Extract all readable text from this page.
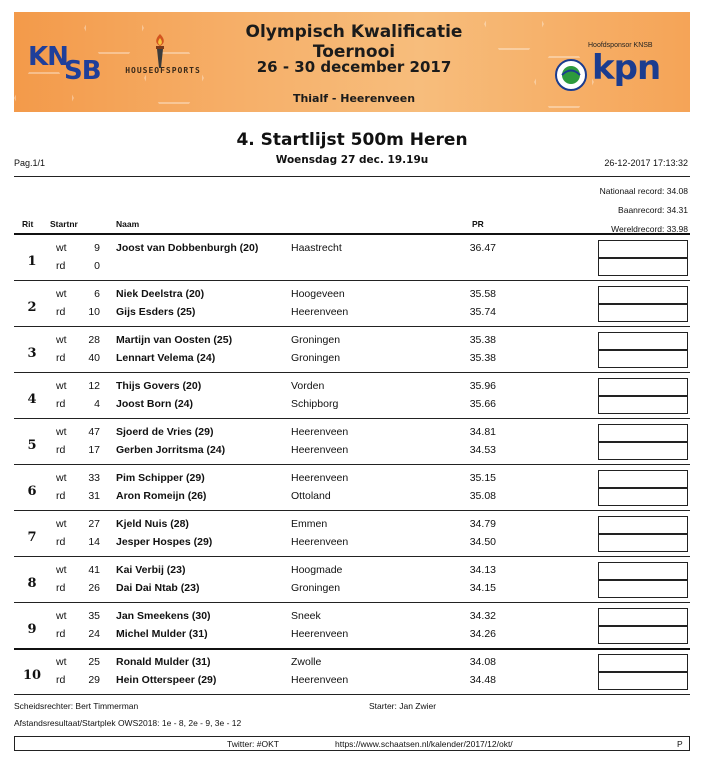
KN
SB	HOUSEOFSPORTS
Olympisch Kwalificatie Toernooi
26 - 30 december 2017
Thialf - Heerenveen
Hoofdsponsor KNSB
kpn
4. Startlijst 500m Heren
Woensdag 27 dec. 19.19u
Pag.1/1	26-12-2017 17:13:32
Nationaal record: 34.08
Baanrecord: 34.31
Wereldrecord: 33.98
Rit Startnr	Naam	PR
1
wt	9 Joost van Dobbenburgh (20)	Haastrecht	36.47
rd	0
2
wt	6 Niek Deelstra (20)	Hoogeveen	35.58
rd	10 Gijs Esders (25)	Heerenveen	35.74
3
wt	28 Martijn van Oosten (25)	Groningen	35.38
rd	40 Lennart Velema (24)	Groningen	35.38
4
wt	12 Thijs Govers (20)	Vorden	35.96
rd	4 Joost Born (24)	Schipborg	35.66
5
wt	47 Sjoerd de Vries (29)	Heerenveen	34.81
rd	17 Gerben Jorritsma (24)	Heerenveen	34.53
6
wt	33 Pim Schipper (29)	Heerenveen	35.15
rd	31 Aron Romeijn (26)	Ottoland	35.08
7
wt	27 Kjeld Nuis (28)	Emmen	34.79
rd	14 Jesper Hospes (29)	Heerenveen	34.50
8
wt	41 Kai Verbij (23)	Hoogmade	34.13
rd	26 Dai Dai Ntab (23)	Groningen	34.15
9
wt	35 Jan Smeekens (30)	Sneek	34.32
rd	24 Michel Mulder (31)	Heerenveen	34.26
10
wt	25 Ronald Mulder (31)	Zwolle	34.08
rd	29 Hein Otterspeer (29)	Heerenveen	34.48
Scheidsrechter: Bert Timmerman	Starter: Jan Zwier
Afstandsresultaat/Startplek OWS2018: 1e - 8, 2e - 9, 3e - 12
Twitter: #OKT	https://www.schaatsen.nl/kalender/2017/12/okt/	P
